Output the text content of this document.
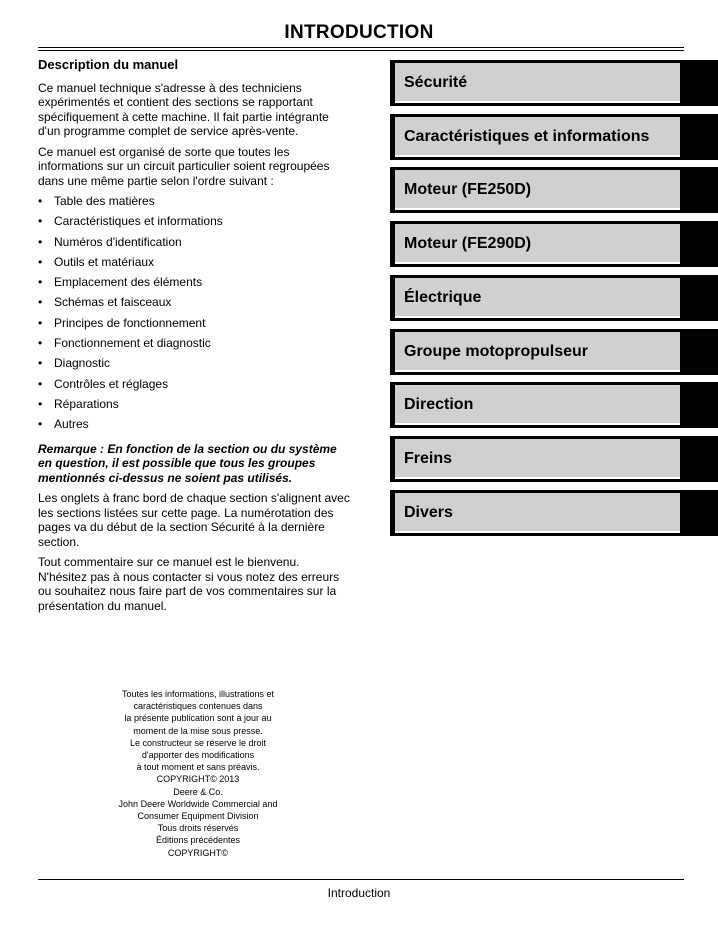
INTRODUCTION
Description du manuel

Ce manuel technique s'adresse à des techniciens expérimentés et contient des sections se rapportant spécifiquement à cette machine. Il fait partie intégrante d'un programme complet de service après-vente.

Ce manuel est organisé de sorte que toutes les informations sur un circuit particulier soient regroupées dans une même partie selon l'ordre suivant :

• Table des matières
• Caractéristiques et informations
• Numéros d'identification
• Outils et matériaux
• Emplacement des éléments
• Schémas et faisceaux
• Principes de fonctionnement
• Fonctionnement et diagnostic
• Diagnostic
• Contrôles et réglages
• Réparations
• Autres

Remarque : En fonction de la section ou du système en question, il est possible que tous les groupes mentionnés ci-dessus ne soient pas utilisés.

Les onglets à franc bord de chaque section s'alignent avec les sections listées sur cette page. La numérotation des pages va du début de la section Sécurité à la dernière section.

Tout commentaire sur ce manuel est le bienvenu. N'hésitez pas à nous contacter si vous notez des erreurs ou souhaitez nous faire part de vos commentaires sur la présentation du manuel.

Sécurité
Caractéristiques et informations
Moteur (FE250D)
Moteur (FE290D)
Électrique
Groupe motopropulseur
Direction
Freins
Divers
Toutes les informations, illustrations et
caractéristiques contenues dans
la présente publication sont à jour au
moment de la mise sous presse.
Le constructeur se réserve le droit
d'apporter des modifications
à tout moment et sans préavis.
COPYRIGHT© 2013
Deere & Co.
John Deere Worldwide Commercial and
Consumer Equipment Division
Tous droits réservés
Éditions précédentes
COPYRIGHT©
Introduction
